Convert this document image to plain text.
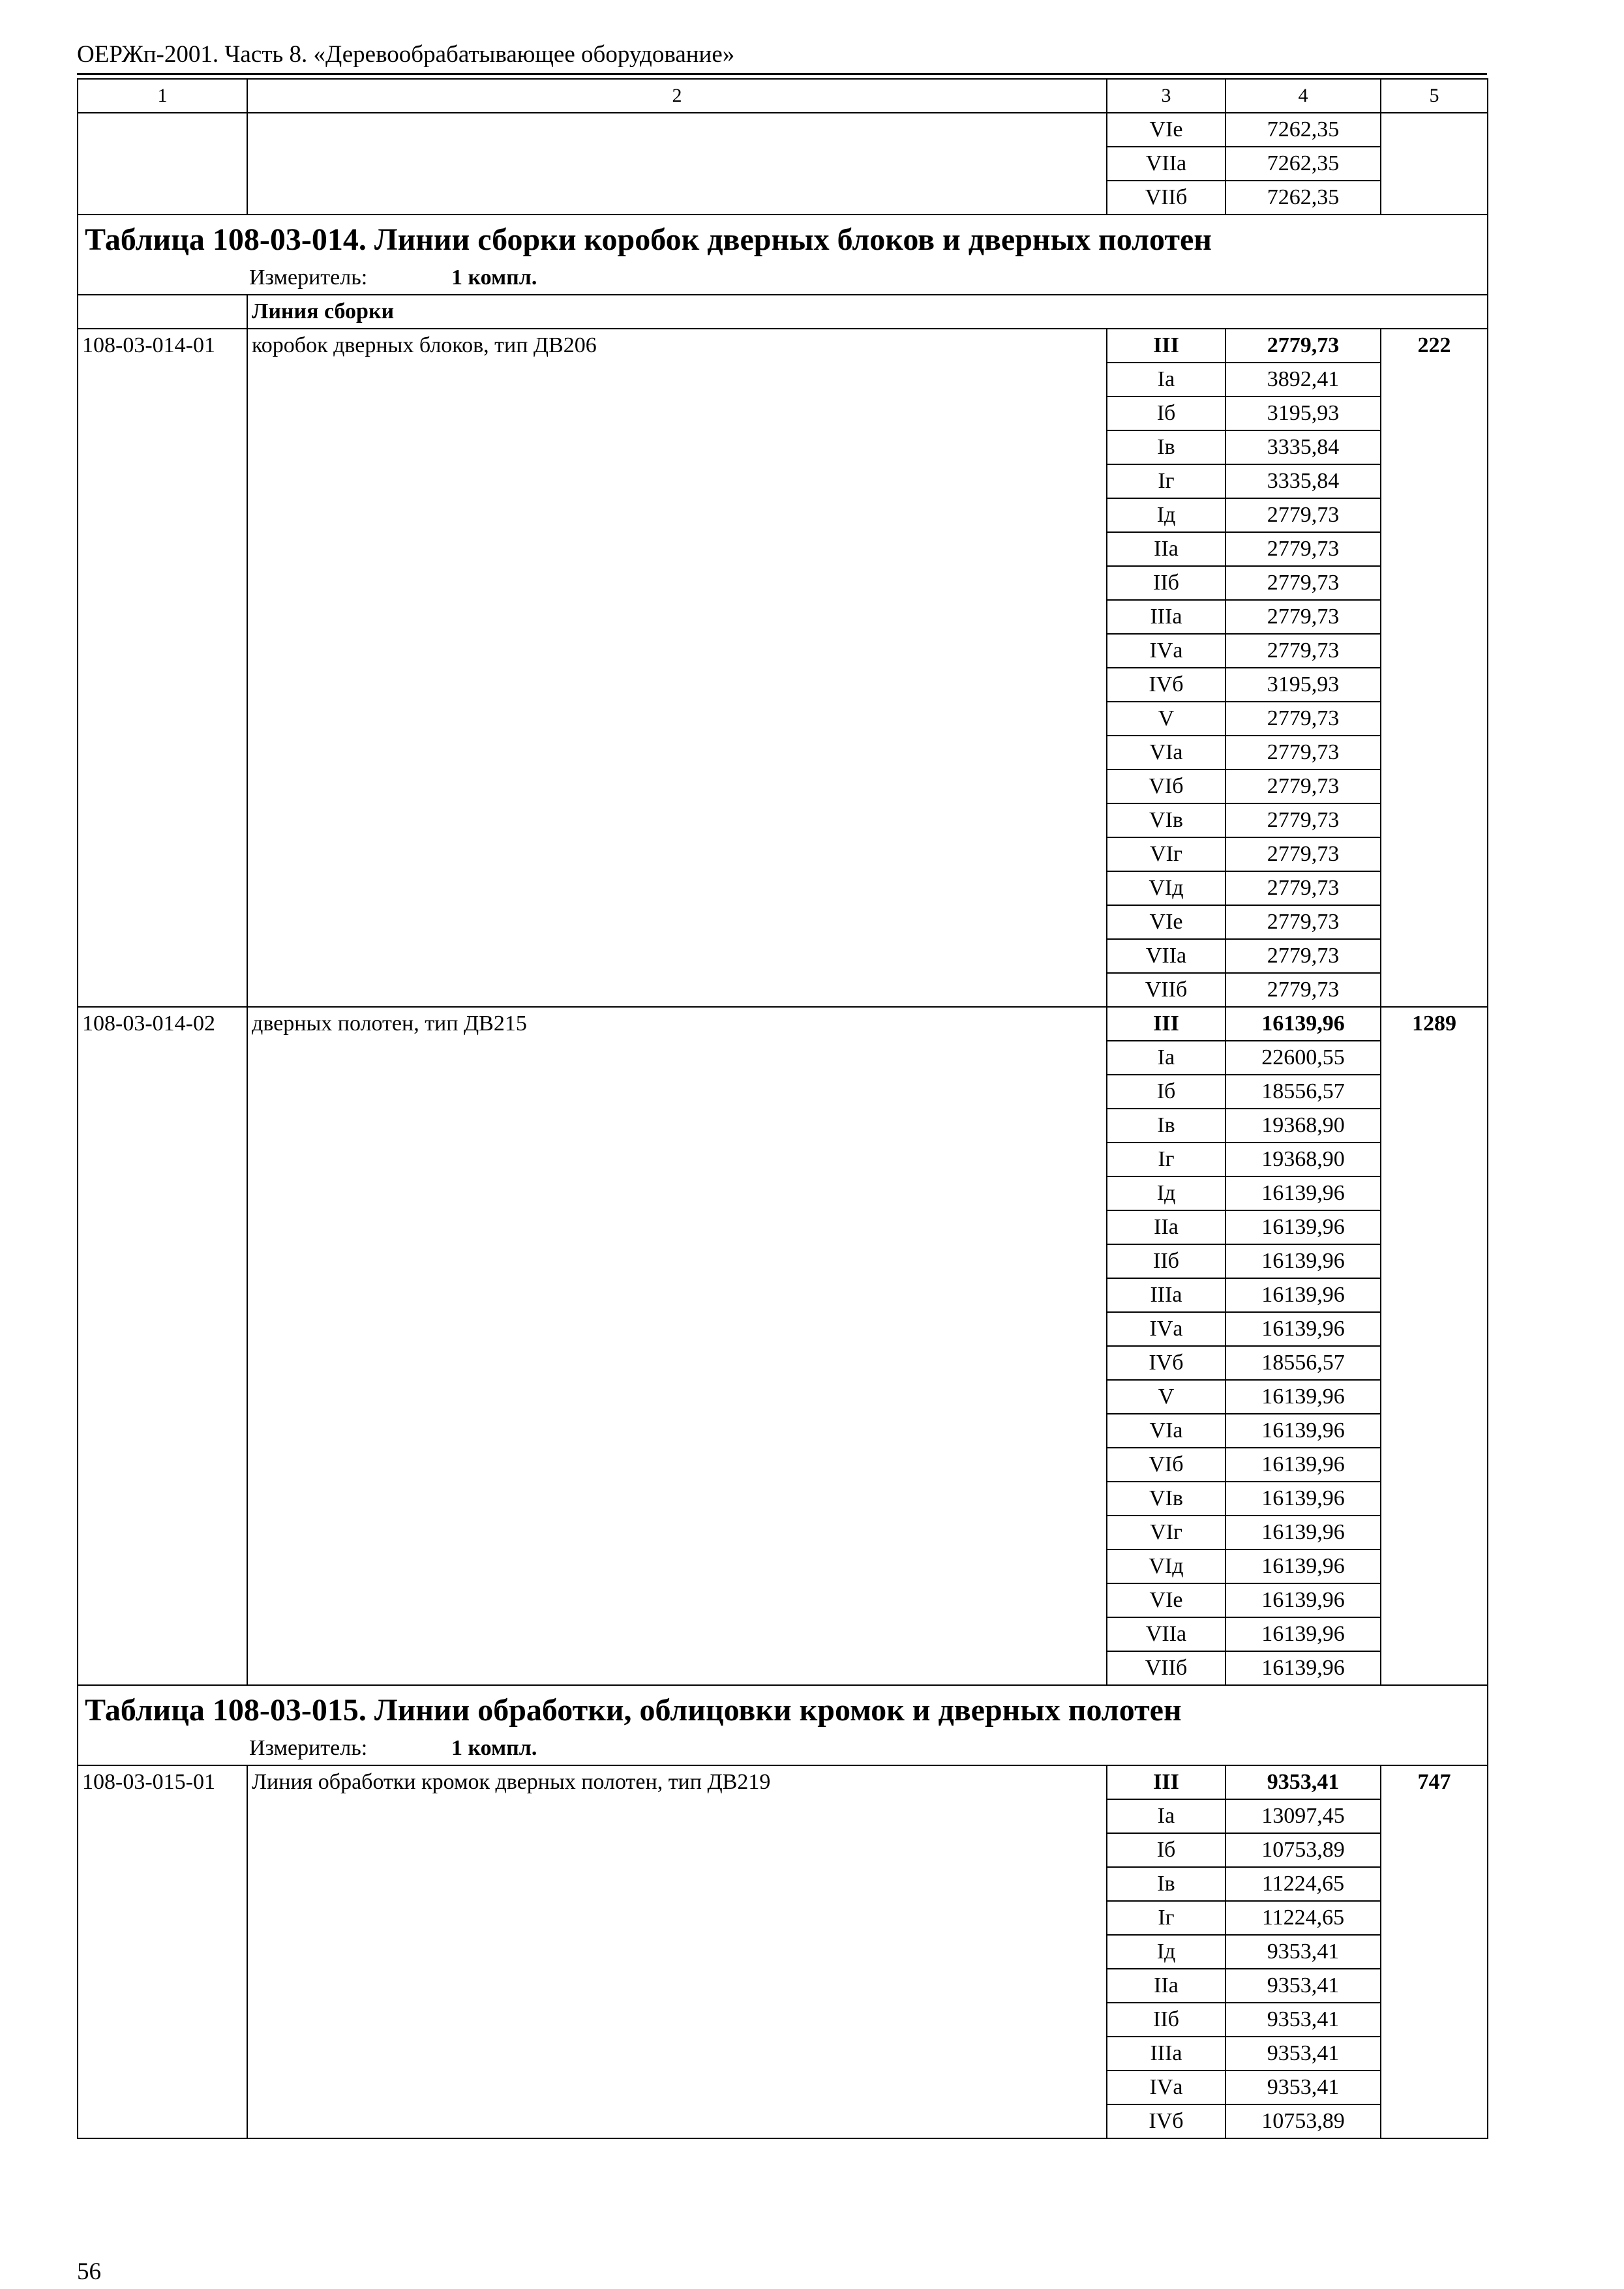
ОЕРЖп-2001. Часть 8. «Деревообрабатывающее оборудование»
1	2	3	4	5
		VIе	7262,35	
		VIIа	7262,35	
		VIIб	7262,35	
Таблица 108-03-014. Линии сборки коробок дверных блоков и дверных полотен				
Измеритель: 1 компл.				
	Линия сборки			
108-03-014-01	коробок дверных блоков, тип ДВ206	III	2779,73	222
		Iа	3892,41	
		Iб	3195,93	
		Iв	3335,84	
		Iг	3335,84	
		Iд	2779,73	
		IIа	2779,73	
		IIб	2779,73	
		IIIа	2779,73	
		IVа	2779,73	
		IVб	3195,93	
		V	2779,73	
		VIа	2779,73	
		VIб	2779,73	
		VIв	2779,73	
		VIг	2779,73	
		VIд	2779,73	
		VIе	2779,73	
		VIIа	2779,73	
		VIIб	2779,73	
108-03-014-02	дверных полотен, тип ДВ215	III	16139,96	1289
		Iа	22600,55	
		Iб	18556,57	
		Iв	19368,90	
		Iг	19368,90	
		Iд	16139,96	
		IIа	16139,96	
		IIб	16139,96	
		IIIа	16139,96	
		IVа	16139,96	
		IVб	18556,57	
		V	16139,96	
		VIа	16139,96	
		VIб	16139,96	
		VIв	16139,96	
		VIг	16139,96	
		VIд	16139,96	
		VIе	16139,96	
		VIIа	16139,96	
		VIIб	16139,96	
Таблица 108-03-015. Линии обработки, облицовки кромок и дверных полотен				
Измеритель: 1 компл.				
108-03-015-01	Линия обработки кромок дверных полотен, тип ДВ219	III	9353,41	747
		Iа	13097,45	
		Iб	10753,89	
		Iв	11224,65	
		Iг	11224,65	
		Iд	9353,41	
		IIа	9353,41	
		IIб	9353,41	
		IIIа	9353,41	
		IVа	9353,41	
		IVб	10753,89	
56
